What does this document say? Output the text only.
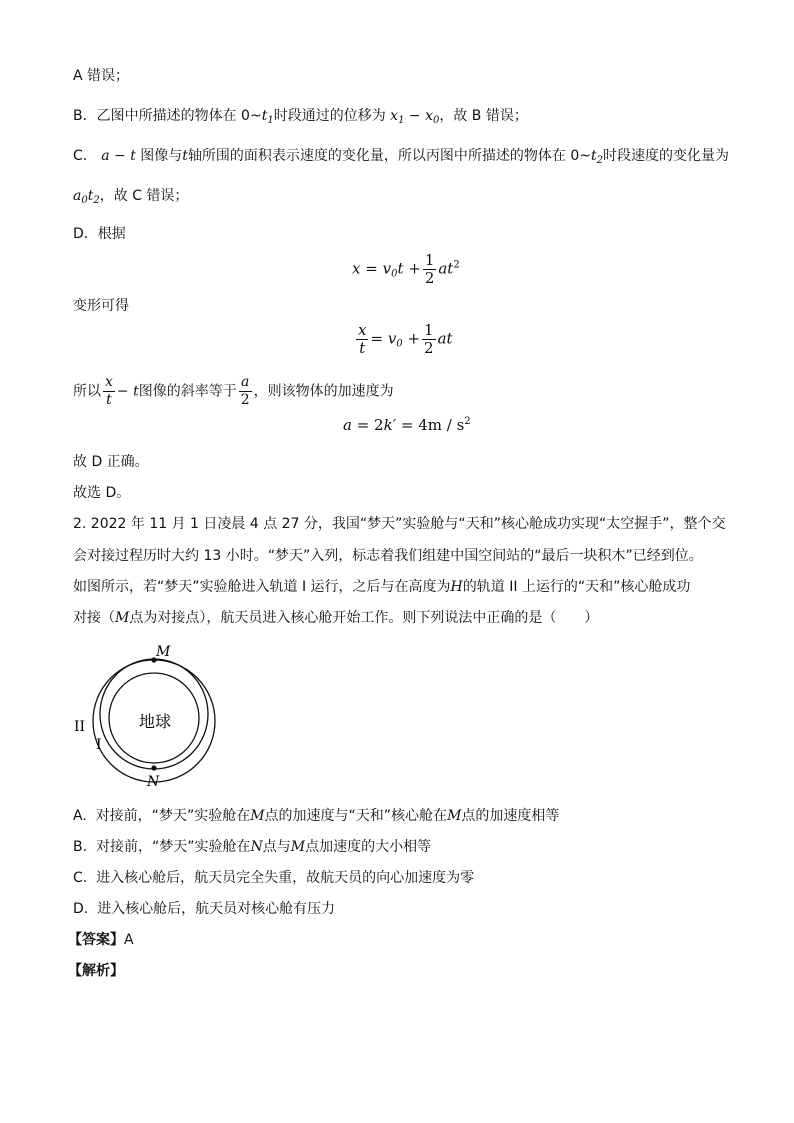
A 错误；
B．乙图中所描述的物体在 $0\sim t_1$时段通过的位移为 $x_1 - x_0$，故 B 错误；
C． a − t 图像与t轴所围的面积表示速度的变化量，所以丙图中所描述的物体在 $0\sim t_2$时段速度的变化量为
$a_0t_2$，故 C 错误；
D．根据
$x = v_0t + \frac{1}{2} at^2$
变形可得
$\frac{x}{t} = v_0 + \frac{1}{2}$ at
所以 $\frac{x}{t} - t$图像的斜率等于 $\frac{a}{2}$ ，则该物体的加速度为
$a = 2k' = 4m / s^2$
故 D 正确。
故选 D。
2. 2022 年 11 月 1 日凌晨 4 点 27 分，我国“梦天”实验舱与“天和”核心舱成功实现“太空握手”，整个交
会对接过程历时大约 13 小时。“梦天”入列，标志着我们组建中国空间站的“最后一块积木”已经到位。
如图所示，若“梦天”实验舱进入轨道 I 运行，之后与在高度为H的轨道 II 上运行的“天和”核心舱成功
对接（M点为对接点），航天员进入核心舱开始工作。则下列说法中正确的是（　　）
M
N
地球
I
II
A. 对接前，“梦天”实验舱在M点的加速度与“天和”核心舱在M点的加速度相等
B. 对接前，“梦天”实验舱在N点与M点加速度的大小相等
C. 进入核心舱后，航天员完全失重，故航天员的向心加速度为零
D. 进入核心舱后，航天员对核心舱有压力
【答案】A
【解析】
